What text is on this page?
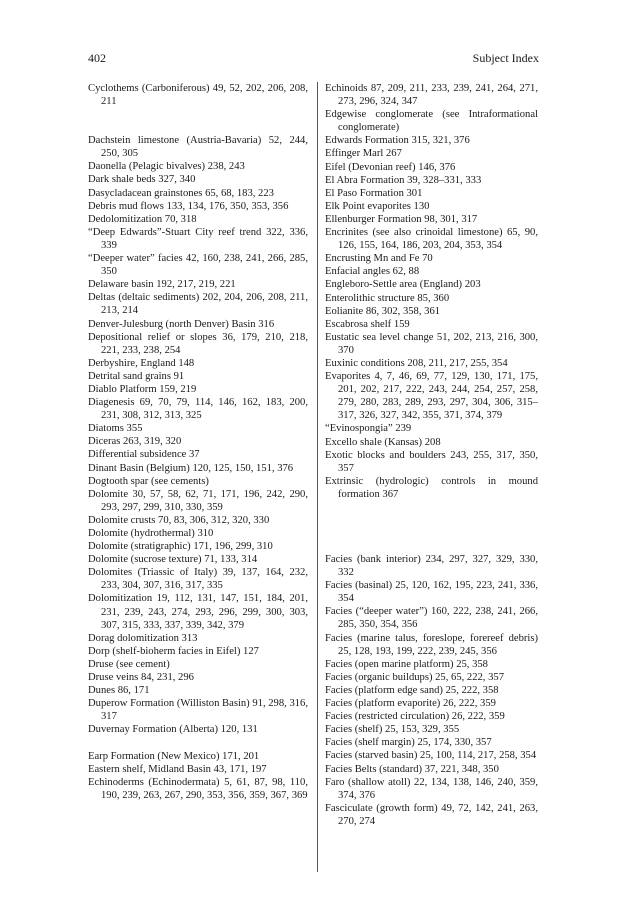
402	Subject Index
Cyclothems (Carboniferous) 49, 52, 202, 206, 208, 211
Dachstein limestone (Austria-Bavaria) 52, 244, 250, 305
Daonella (Pelagic bivalves) 238, 243
Dark shale beds 327, 340
Dasycladacean grainstones 65, 68, 183, 223
Debris mud flows 133, 134, 176, 350, 353, 356
Dedolomitization 70, 318
“Deep Edwards”-Stuart City reef trend 322, 336, 339
“Deeper water” facies 42, 160, 238, 241, 266, 285, 350
Delaware basin 192, 217, 219, 221
Deltas (deltaic sediments) 202, 204, 206, 208, 211, 213, 214
Denver-Julesburg (north Denver) Basin 316
Depositional relief or slopes 36, 179, 210, 218, 221, 233, 238, 254
Derbyshire, England 148
Detrital sand grains 91
Diablo Platform 159, 219
Diagenesis 69, 70, 79, 114, 146, 162, 183, 200, 231, 308, 312, 313, 325
Diatoms 355
Diceras 263, 319, 320
Differential subsidence 37
Dinant Basin (Belgium) 120, 125, 150, 151, 376
Dogtooth spar (see cements)
Dolomite 30, 57, 58, 62, 71, 171, 196, 242, 290, 293, 297, 299, 310, 330, 359
Dolomite crusts 70, 83, 306, 312, 320, 330
Dolomite (hydrothermal) 310
Dolomite (stratigraphic) 171, 196, 299, 310
Dolomite (sucrose texture) 71, 133, 314
Dolomites (Triassic of Italy) 39, 137, 164, 232, 233, 304, 307, 316, 317, 335
Dolomitization 19, 112, 131, 147, 151, 184, 201, 231, 239, 243, 274, 293, 296, 299, 300, 303, 307, 315, 333, 337, 339, 342, 379
Dorag dolomitization 313
Dorp (shelf-bioherm facies in Eifel) 127
Druse (see cement)
Druse veins 84, 231, 296
Dunes 86, 171
Duperow Formation (Williston Basin) 91, 298, 316, 317
Duvernay Formation (Alberta) 120, 131
Earp Formation (New Mexico) 171, 201
Eastern shelf, Midland Basin 43, 171, 197
Echinoderms (Echinodermata) 5, 61, 87, 98, 110, 190, 239, 263, 267, 290, 353, 356, 359, 367, 369
Echinoids 87, 209, 211, 233, 239, 241, 264, 271, 273, 296, 324, 347
Edgewise conglomerate (see Intraformational conglomerate)
Edwards Formation 315, 321, 376
Effinger Marl 267
Eifel (Devonian reef) 146, 376
El Abra Formation 39, 328–331, 333
El Paso Formation 301
Elk Point evaporites 130
Ellenburger Formation 98, 301, 317
Encrinites (see also crinoidal limestone) 65, 90, 126, 155, 164, 186, 203, 204, 353, 354
Encrusting Mn and Fe 70
Enfacial angles 62, 88
Engleboro-Settle area (England) 203
Enterolithic structure 85, 360
Eolianite 86, 302, 358, 361
Escabrosa shelf 159
Eustatic sea level change 51, 202, 213, 216, 300, 370
Euxinic conditions 208, 211, 217, 255, 354
Evaporites 4, 7, 46, 69, 77, 129, 130, 171, 175, 201, 202, 217, 222, 243, 244, 254, 257, 258, 279, 280, 283, 289, 293, 297, 304, 306, 315–317, 326, 327, 342, 355, 371, 374, 379
“Evinospongia” 239
Excello shale (Kansas) 208
Exotic blocks and boulders 243, 255, 317, 350, 357
Extrinsic (hydrologic) controls in mound formation 367
Facies (bank interior) 234, 297, 327, 329, 330, 332
Facies (basinal) 25, 120, 162, 195, 223, 241, 336, 354
Facies (“deeper water”) 160, 222, 238, 241, 266, 285, 350, 354, 356
Facies (marine talus, foreslope, forereef debris) 25, 128, 193, 199, 222, 239, 245, 356
Facies (open marine platform) 25, 358
Facies (organic buildups) 25, 65, 222, 357
Facies (platform edge sand) 25, 222, 358
Facies (platform evaporite) 26, 222, 359
Facies (restricted circulation) 26, 222, 359
Facies (shelf) 25, 153, 329, 355
Facies (shelf margin) 25, 174, 330, 357
Facies (starved basin) 25, 100, 114, 217, 258, 354
Facies Belts (standard) 37, 221, 348, 350
Faro (shallow atoll) 22, 134, 138, 146, 240, 359, 374, 376
Fasciculate (growth form) 49, 72, 142, 241, 263, 270, 274
